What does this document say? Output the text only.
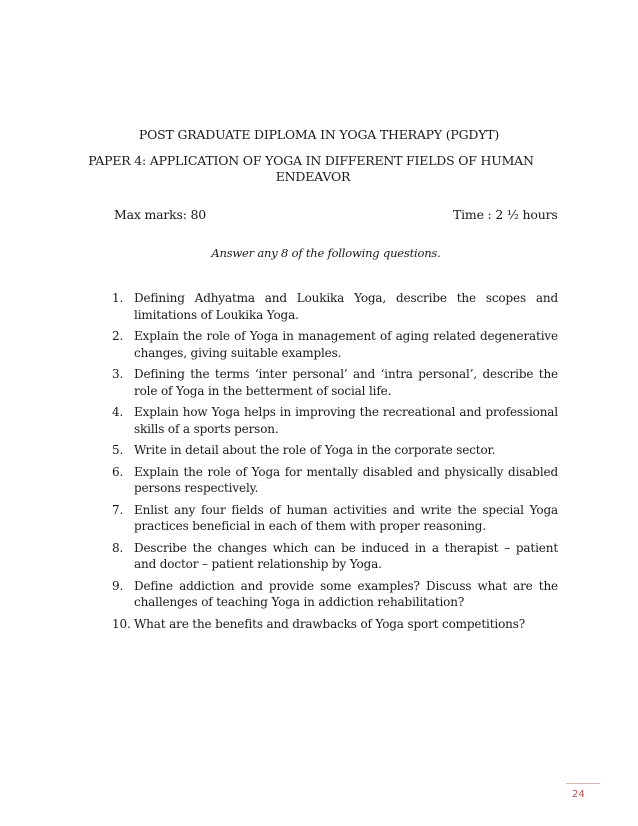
POST GRADUATE DIPLOMA IN YOGA THERAPY (PGDYT)
PAPER 4: APPLICATION OF YOGA IN DIFFERENT FIELDS OF HUMAN
ENDEAVOR
Max marks: 80	Time : 2 ½ hours
Answer any 8 of the following questions.
1. Defining Adhyatma and Loukika Yoga, describe the scopes and limitations of Loukika Yoga.
2. Explain the role of Yoga in management of aging related degenerative changes, giving suitable examples.
3. Defining the terms ‘inter personal’ and ‘intra personal’, describe the role of Yoga in the betterment of social life.
4. Explain how Yoga helps in improving the recreational and professional skills of a sports person.
5. Write in detail about the role of Yoga in the corporate sector.
6. Explain the role of Yoga for mentally disabled and physically disabled persons respectively.
7. Enlist any four fields of human activities and write the special Yoga practices beneficial in each of them with proper reasoning.
8. Describe the changes which can be induced in a therapist – patient and doctor – patient relationship by Yoga.
9. Define addiction and provide some examples? Discuss what are the challenges of teaching Yoga in addiction rehabilitation?
10. What are the benefits and drawbacks of Yoga sport competitions?
24
